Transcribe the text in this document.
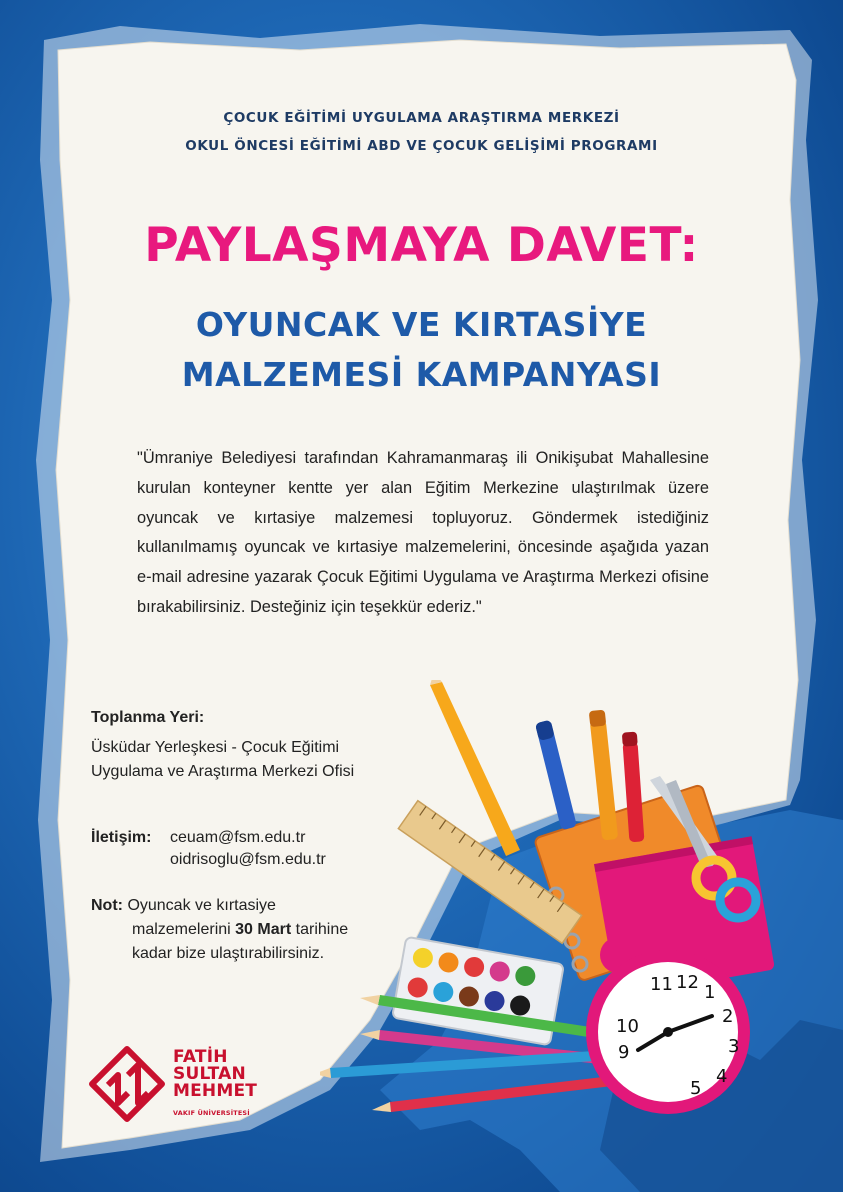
ÇOCUK EĞİTİMİ UYGULAMA ARAŞTIRMA MERKEZİ
OKUL ÖNCESİ EĞİTİMİ ABD VE ÇOCUK GELİŞİMİ PROGRAMI
PAYLAŞMAYA DAVET:
OYUNCAK VE KIRTASİYE
MALZEMESİ KAMPANYASI
"Ümraniye Belediyesi tarafından Kahramanmaraş ili Onikişubat Mahallesine kurulan konteyner kentte yer alan Eğitim Merkezine ulaştırılmak üzere oyuncak ve kırtasiye malzemesi topluyoruz. Göndermek istediğiniz kullanılmamış oyuncak ve kırtasiye malzemelerini, öncesinde aşağıda yazan e-mail adresine yazarak Çocuk Eğitimi Uygulama ve Araştırma Merkezi ofisine bırakabilirsiniz. Desteğiniz için teşekkür ederiz."
Toplanma Yeri:
Üsküdar Yerleşkesi - Çocuk Eğitimi
Uygulama ve Araştırma Merkezi Ofisi
İletişim: ceuam@fsm.edu.tr
oidrisoglu@fsm.edu.tr
Not: Oyuncak ve kırtasiye
malzemelerini 30 Mart tarihine
kadar bize ulaştırabilirsiniz.
11 12 1
2
10
3
9
4
5
FATİH
SULTAN
MEHMET
VAKIF ÜNİVERSİTESİ
